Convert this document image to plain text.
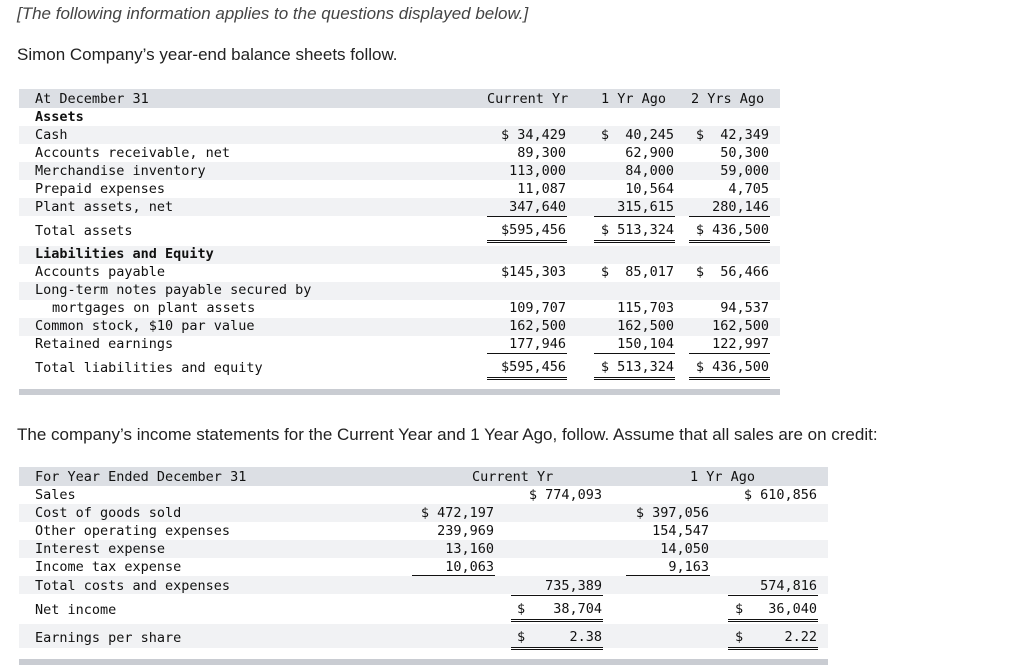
[The following information applies to the questions displayed below.]
Simon Company’s year-end balance sheets follow.
At December 31	Current Yr 1 Yr Ago 2 Yrs Ago
Assets
Cash	$ 34,429	$  40,245	$  42,349
Accounts receivable, net	89,300	62,900	50,300
Merchandise inventory	113,000	84,000	59,000
Prepaid expenses	11,087	10,564	4,705
Plant assets, net	347,640	315,615	280,146
Total assets	$595,456	$ 513,324	$ 436,500
Liabilities and Equity
Accounts payable	$145,303	$  85,017	$  56,466
Long-term notes payable secured by
mortgages on plant assets	109,707	115,703	94,537
Common stock, $10 par value	162,500	162,500	162,500
Retained earnings	177,946	150,104	122,997
Total liabilities and equity	$595,456	$ 513,324	$ 436,500
The company’s income statements for the Current Year and 1 Year Ago, follow. Assume that all sales are on credit:
For Year Ended December 31	Current Yr	1 Yr Ago
Sales	$ 774,093	$ 610,856
Cost of goods sold	$ 472,197	$ 397,056
Other operating expenses	239,969	154,547
Interest expense	13,160	14,050
Income tax expense	10,063	9,163
Total costs and expenses	735,389	574,816
Net income	$	38,704	$	36,040
Earnings per share	$	2.38	$	2.22
